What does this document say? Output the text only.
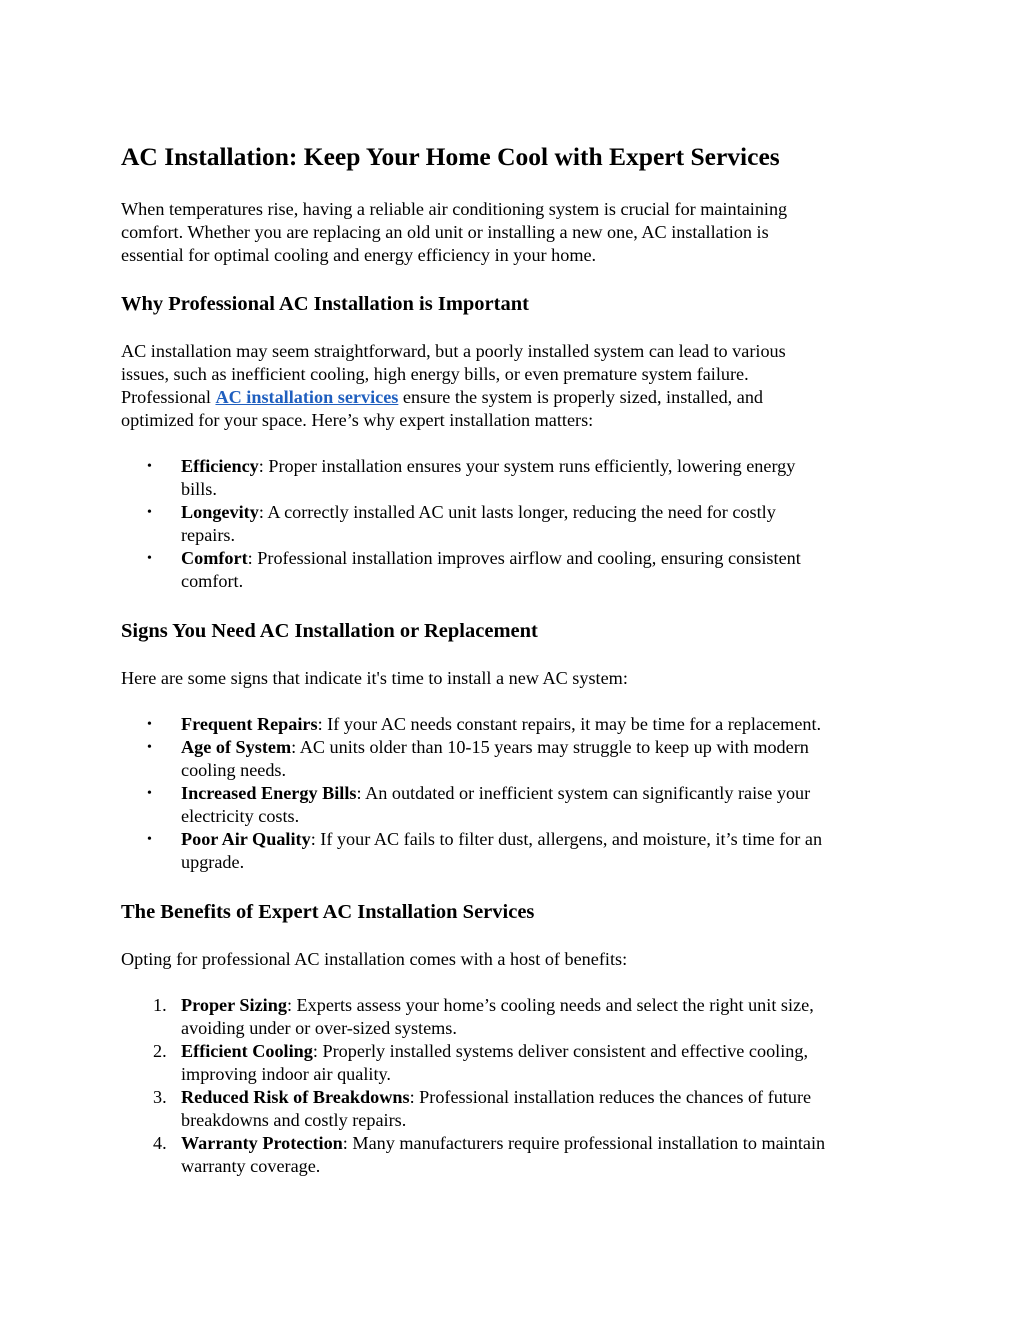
AC Installation: Keep Your Home Cool with Expert Services

When temperatures rise, having a reliable air conditioning system is crucial for maintaining
comfort. Whether you are replacing an old unit or installing a new one, AC installation is
essential for optimal cooling and energy efficiency in your home.

Why Professional AC Installation is Important

AC installation may seem straightforward, but a poorly installed system can lead to various
issues, such as inefficient cooling, high energy bills, or even premature system failure.
Professional AC installation services ensure the system is properly sized, installed, and
optimized for your space. Here’s why expert installation matters:

• Efficiency: Proper installation ensures your system runs efficiently, lowering energy
bills.
• Longevity: A correctly installed AC unit lasts longer, reducing the need for costly
repairs.
• Comfort: Professional installation improves airflow and cooling, ensuring consistent
comfort.
Signs You Need AC Installation or Replacement

Here are some signs that indicate it's time to install a new AC system:

• Frequent Repairs: If your AC needs constant repairs, it may be time for a replacement.
• Age of System: AC units older than 10-15 years may struggle to keep up with modern
cooling needs.
• Increased Energy Bills: An outdated or inefficient system can significantly raise your
electricity costs.
• Poor Air Quality: If your AC fails to filter dust, allergens, and moisture, it’s time for an
upgrade.
The Benefits of Expert AC Installation Services

Opting for professional AC installation comes with a host of benefits:

1. Proper Sizing: Experts assess your home’s cooling needs and select the right unit size,
avoiding under or over-sized systems.
2. Efficient Cooling: Properly installed systems deliver consistent and effective cooling,
improving indoor air quality.
3. Reduced Risk of Breakdowns: Professional installation reduces the chances of future
breakdowns and costly repairs.
4. Warranty Protection: Many manufacturers require professional installation to maintain
warranty coverage.
